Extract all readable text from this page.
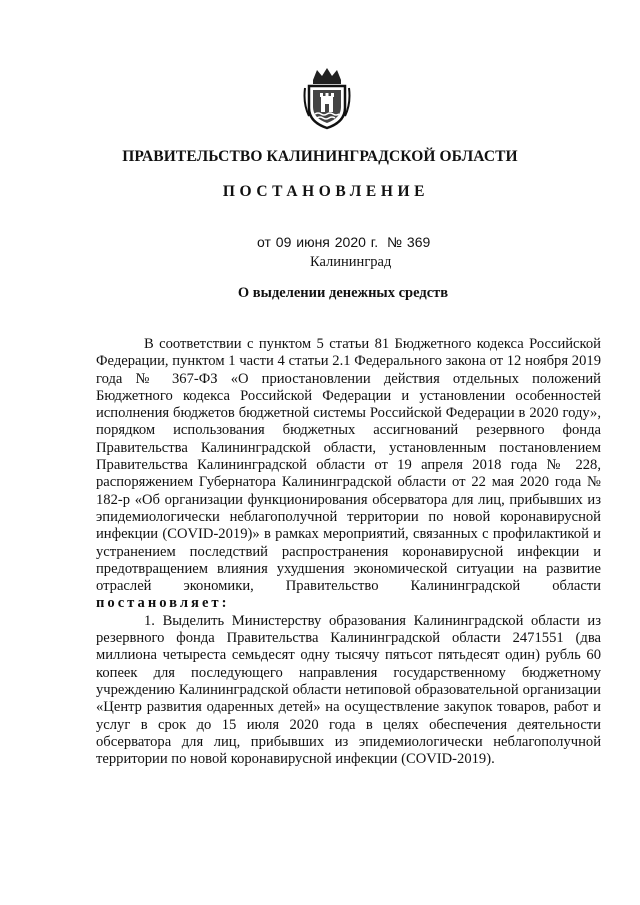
ПРАВИТЕЛЬСТВО КАЛИНИНГРАДСКОЙ ОБЛАСТИ
ПОСТАНОВЛЕНИЕ
от 09 июня 2020 г. № 369
Калининград
О выделении денежных средств

В соответствии с пунктом 5 статьи 81 Бюджетного кодекса Российской Федерации, пунктом 1 части 4 статьи 2.1 Федерального закона от 12 ноября 2019 года № 367-ФЗ «О приостановлении действия отдельных положений Бюджетного кодекса Российской Федерации и установлении особенностей исполнения бюджетов бюджетной системы Российской Федерации в 2020 году», порядком использования бюджетных ассигнований резервного фонда Правительства Калининградской области, установленным постановлением Правительства Калининградской области от 19 апреля 2018 года № 228, распоряжением Губернатора Калининградской области от 22 мая 2020 года № 182-р «Об организации функционирования обсерватора для лиц, прибывших из эпидемиологически неблагополучной территории по новой коронавирусной инфекции (COVID-2019)» в рамках мероприятий, связанных с профилактикой и устранением последствий распространения коронавирусной инфекции и предотвращением влияния ухудшения экономической ситуации на развитие отраслей экономики, Правительство Калининградской области постановляет:

1. Выделить Министерству образования Калининградской области из резервного фонда Правительства Калининградской области 2471551 (два миллиона четыреста семьдесят одну тысячу пятьсот пятьдесят один) рубль 60 копеек для последующего направления государственному бюджетному учреждению Калининградской области нетиповой образовательной организации «Центр развития одаренных детей» на осуществление закупок товаров, работ и услуг в срок до 15 июля 2020 года в целях обеспечения деятельности обсерватора для лиц, прибывших из эпидемиологически неблагополучной территории по новой коронавирусной инфекции (COVID-2019).
